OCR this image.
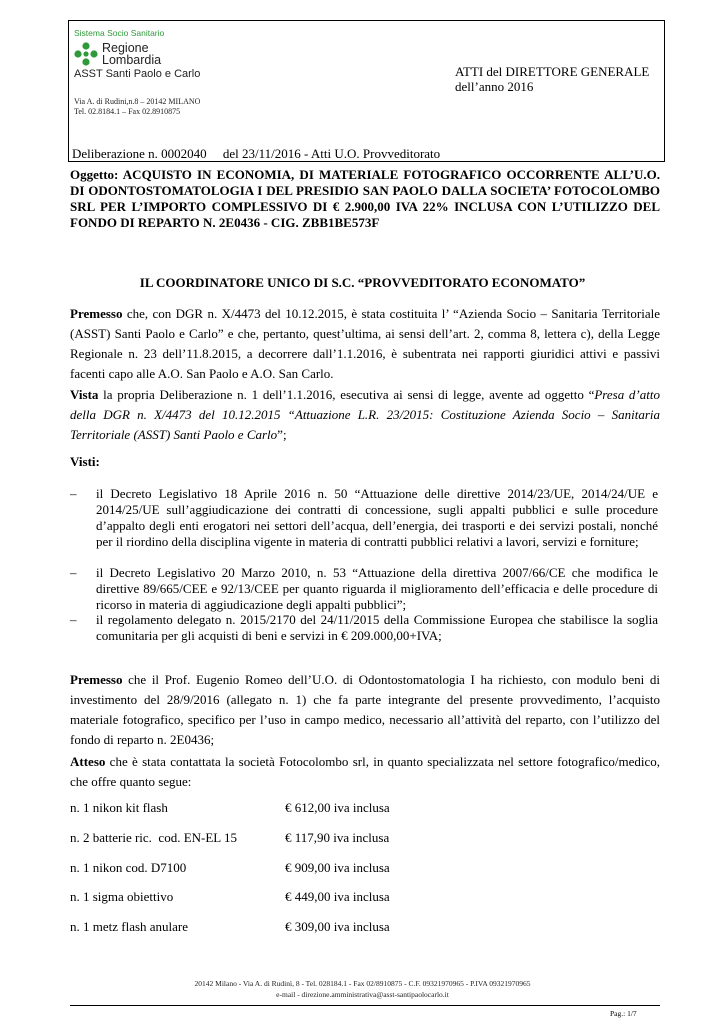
Sistema Socio Sanitario
Regione
Lombardia
ASST Santi Paolo e Carlo
Via A. di Rudini,n.8 – 20142 MILANO
Tel. 02.8184.1 – Fax 02.8910875
ATTI del DIRETTORE GENERALE
dell’anno 2016
Deliberazione n. 0002040     del 23/11/2016 - Atti U.O. Provveditorato
Oggetto: ACQUISTO IN ECONOMIA, DI MATERIALE FOTOGRAFICO OCCORRENTE ALL’U.O. DI ODONTOSTOMATOLOGIA I DEL PRESIDIO SAN PAOLO DALLA SOCIETA’ FOTOCOLOMBO SRL PER L’IMPORTO COMPLESSIVO DI € 2.900,00 IVA 22% INCLUSA CON L’UTILIZZO DEL FONDO DI REPARTO N. 2E0436 - CIG. ZBB1BE573F
IL COORDINATORE UNICO DI S.C. “PROVVEDITORATO ECONOMATO”
Premesso che, con DGR n. X/4473 del 10.12.2015, è stata costituita l’ “Azienda Socio – Sanitaria Territoriale (ASST) Santi Paolo e Carlo” e che, pertanto, quest’ultima, ai sensi dell’art. 2, comma 8, lettera c), della Legge Regionale n. 23 dell’11.8.2015, a decorrere dall’1.1.2016, è subentrata nei rapporti giuridici attivi e passivi facenti capo alle A.O. San Paolo e A.O. San Carlo.
Vista la propria Deliberazione n. 1 dell’1.1.2016, esecutiva ai sensi di legge, avente ad oggetto “Presa d’atto della DGR n. X/4473 del 10.12.2015 “Attuazione L.R. 23/2015: Costituzione Azienda Socio – Sanitaria Territoriale (ASST) Santi Paolo e Carlo”;
Visti:
– il Decreto Legislativo 18 Aprile 2016 n. 50 “Attuazione delle direttive 2014/23/UE, 2014/24/UE e 2014/25/UE sull’aggiudicazione dei contratti di concessione, sugli appalti pubblici e sulle procedure d’appalto degli enti erogatori nei settori dell’acqua, dell’energia, dei trasporti e dei servizi postali, nonché per il riordino della disciplina vigente in materia di contratti pubblici relativi a lavori, servizi e forniture;
– il Decreto Legislativo 20 Marzo 2010, n. 53 “Attuazione della direttiva 2007/66/CE che modifica le direttive 89/665/CEE e 92/13/CEE per quanto riguarda il miglioramento dell’efficacia e delle procedure di ricorso in materia di aggiudicazione degli appalti pubblici”;
– il regolamento delegato n. 2015/2170 del 24/11/2015 della Commissione Europea che stabilisce la soglia comunitaria per gli acquisti di beni e servizi in € 209.000,00+IVA;
Premesso che il Prof. Eugenio Romeo dell’U.O. di Odontostomatologia I ha richiesto, con modulo beni di investimento del 28/9/2016 (allegato n. 1) che fa parte integrante del presente provvedimento, l’acquisto materiale fotografico, specifico per l’uso in campo medico, necessario all’attività del reparto, con l’utilizzo del fondo di reparto n. 2E0436;
Atteso che è stata contattata la società Fotocolombo srl, in quanto specializzata nel settore fotografico/medico, che offre quanto segue:
n. 1 nikon kit flash	€ 612,00 iva inclusa
n. 2 batterie ric.  cod. EN-EL 15	€ 117,90 iva inclusa
n. 1 nikon cod. D7100	€ 909,00 iva inclusa
n. 1 sigma obiettivo	€ 449,00 iva inclusa
n. 1 metz flash anulare	€ 309,00 iva inclusa
20142 Milano - Via A. di Rudinì, 8 - Tel. 028184.1 - Fax 02/8910875 - C.F. 09321970965 - P.IVA 09321970965
e-mail - direzione.amministrativa@asst-santipaolocarlo.it
Pag.: 1/7
